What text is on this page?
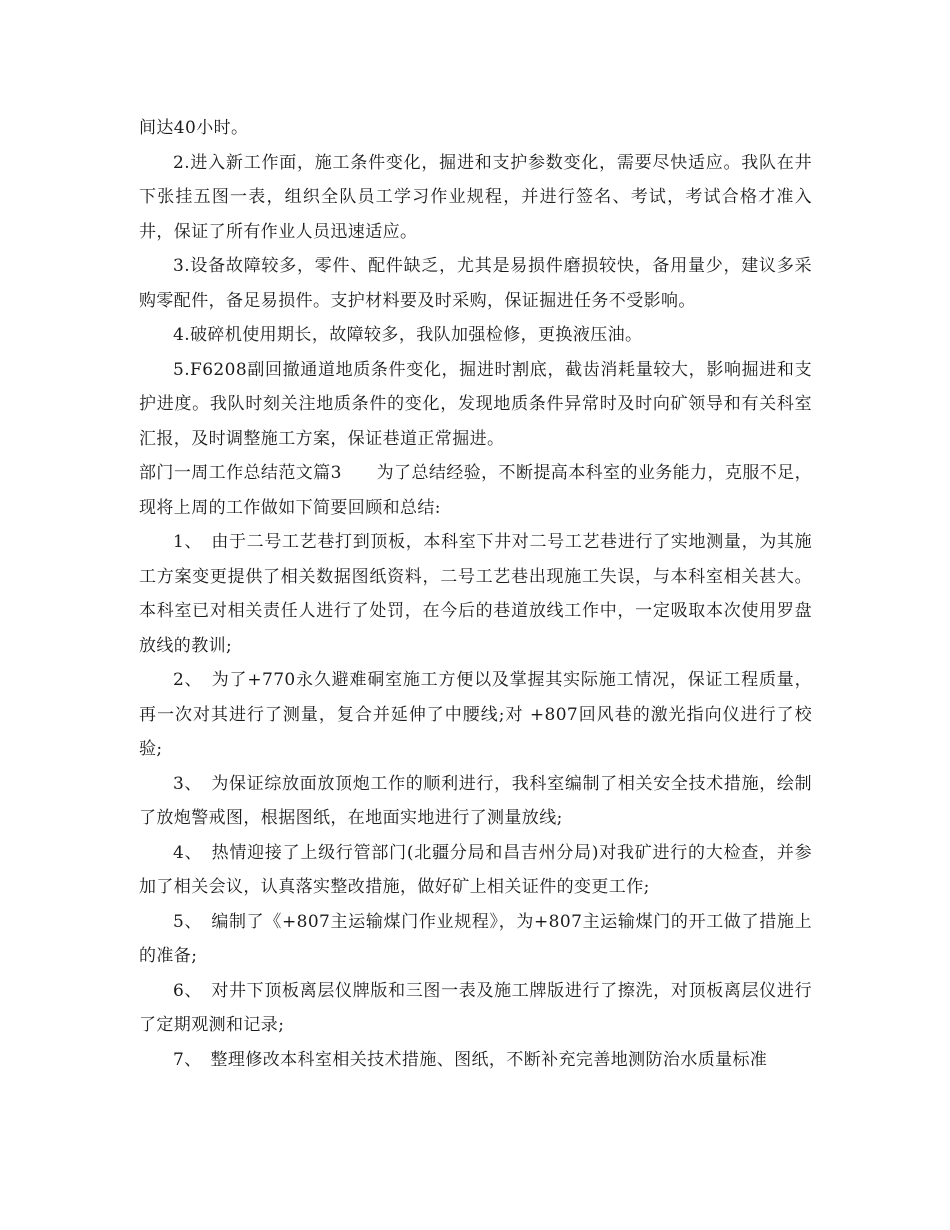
间达40小时。

2.进入新工作面，施工条件变化，掘进和支护参数变化，需要尽快适应。我队在井下张挂五图一表，组织全队员工学习作业规程，并进行签名、考试，考试合格才准入井，保证了所有作业人员迅速适应。

3.设备故障较多，零件、配件缺乏，尤其是易损件磨损较快，备用量少，建议多采购零配件，备足易损件。支护材料要及时采购，保证掘进任务不受影响。

4.破碎机使用期长，故障较多，我队加强检修，更换液压油。

5.F6208副回撤通道地质条件变化，掘进时割底，截齿消耗量较大，影响掘进和支护进度。我队时刻关注地质条件的变化，发现地质条件异常时及时向矿领导和有关科室汇报，及时调整施工方案，保证巷道正常掘进。

部门一周工作总结范文篇3　　为了总结经验，不断提高本科室的业务能力，克服不足，现将上周的工作做如下简要回顾和总结:

1、　由于二号工艺巷打到顶板，本科室下井对二号工艺巷进行了实地测量，为其施工方案变更提供了相关数据图纸资料，二号工艺巷出现施工失误，与本科室相关甚大。本科室已对相关责任人进行了处罚，在今后的巷道放线工作中，一定吸取本次使用罗盘放线的教训;

2、　为了+770永久避难硐室施工方便以及掌握其实际施工情况，保证工程质量，再一次对其进行了测量，复合并延伸了中腰线;对 +807回风巷的激光指向仪进行了校验;

3、　为保证综放面放顶炮工作的顺利进行，我科室编制了相关安全技术措施，绘制了放炮警戒图，根据图纸，在地面实地进行了测量放线;

4、　热情迎接了上级行管部门(北疆分局和昌吉州分局)对我矿进行的大检查，并参加了相关会议，认真落实整改措施，做好矿上相关证件的变更工作;

5、　编制了《+807主运输煤门作业规程》，为+807主运输煤门的开工做了措施上的准备;

6、　对井下顶板离层仪牌版和三图一表及施工牌版进行了擦洗，对顶板离层仪进行了定期观测和记录;

7、　整理修改本科室相关技术措施、图纸，不断补充完善地测防治水质量标准
